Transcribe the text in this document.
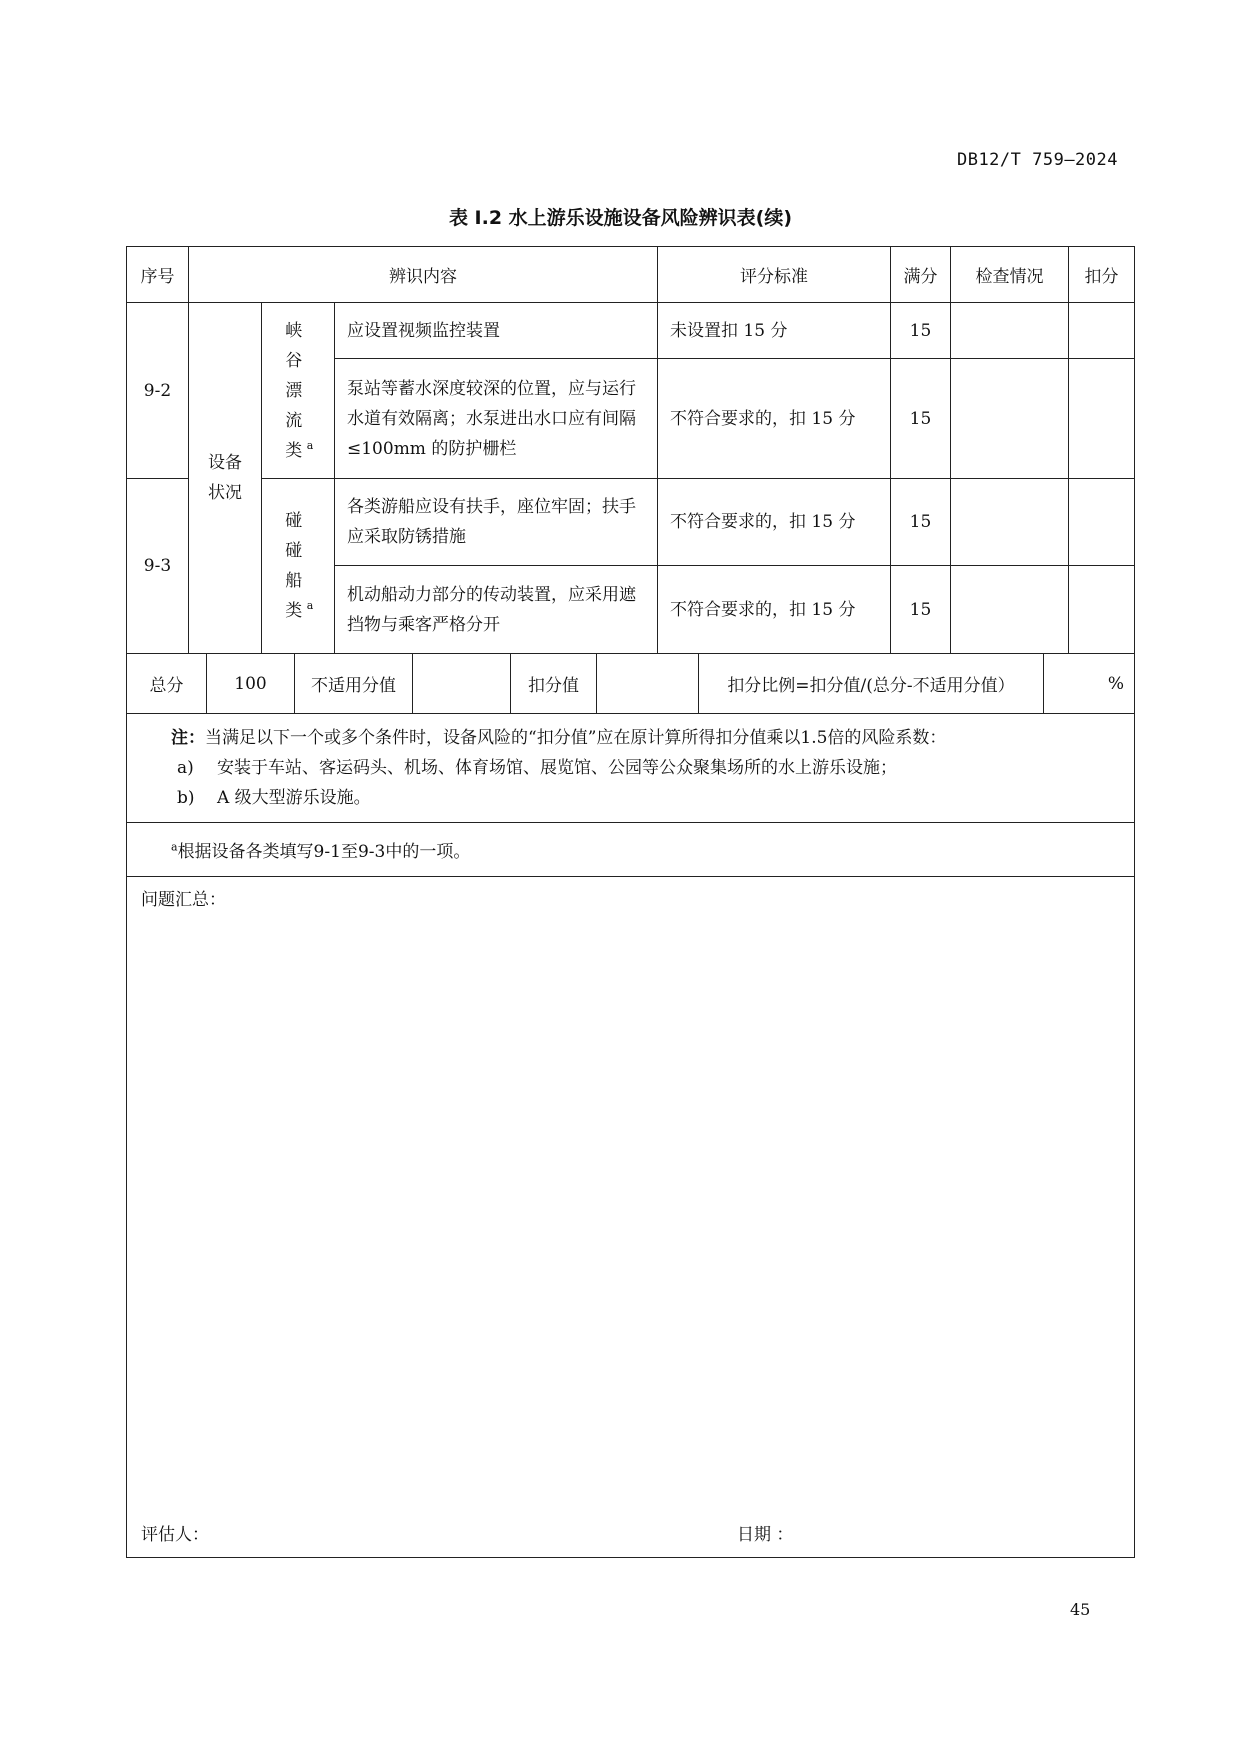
DB12/T 759—2024
表 I.2 水上游乐设施设备风险辨识表(续)
序号	辨识内容			评分标准	满分	检查情况	扣分
9-2	设备状况	峡谷漂流类 $^a$	应设置视频监控装置	未设置扣 15 分	15		
			泵站等蓄水深度较深的位置，应与运行水道有效隔离；水泵进出水口应有间隔≤100mm 的防护栅栏	不符合要求的，扣 15 分	15		
9-3		碰碰船类 $^a$	各类游船应设有扶手，座位牢固；扶手应采取防锈措施	不符合要求的，扣 15 分	15		
			机动船动力部分的传动装置，应采用遮挡物与乘客严格分开	不符合要求的，扣 15 分	15		
总分	100	不适用分值		扣分值		扣分比例=扣分值/(总分-不适用分值）	%
注：当满足以下一个或多个条件时，设备风险的“扣分值”应在原计算所得扣分值乘以1.5倍的风险系数：
a) 安装于车站、客运码头、机场、体育场馆、展览馆、公园等公众聚集场所的水上游乐设施；
b) A 级大型游乐设施。

$^a$根据设备各类填写9-1至9-3中的一项。

问题汇总：
评估人：	日期 ：
45
